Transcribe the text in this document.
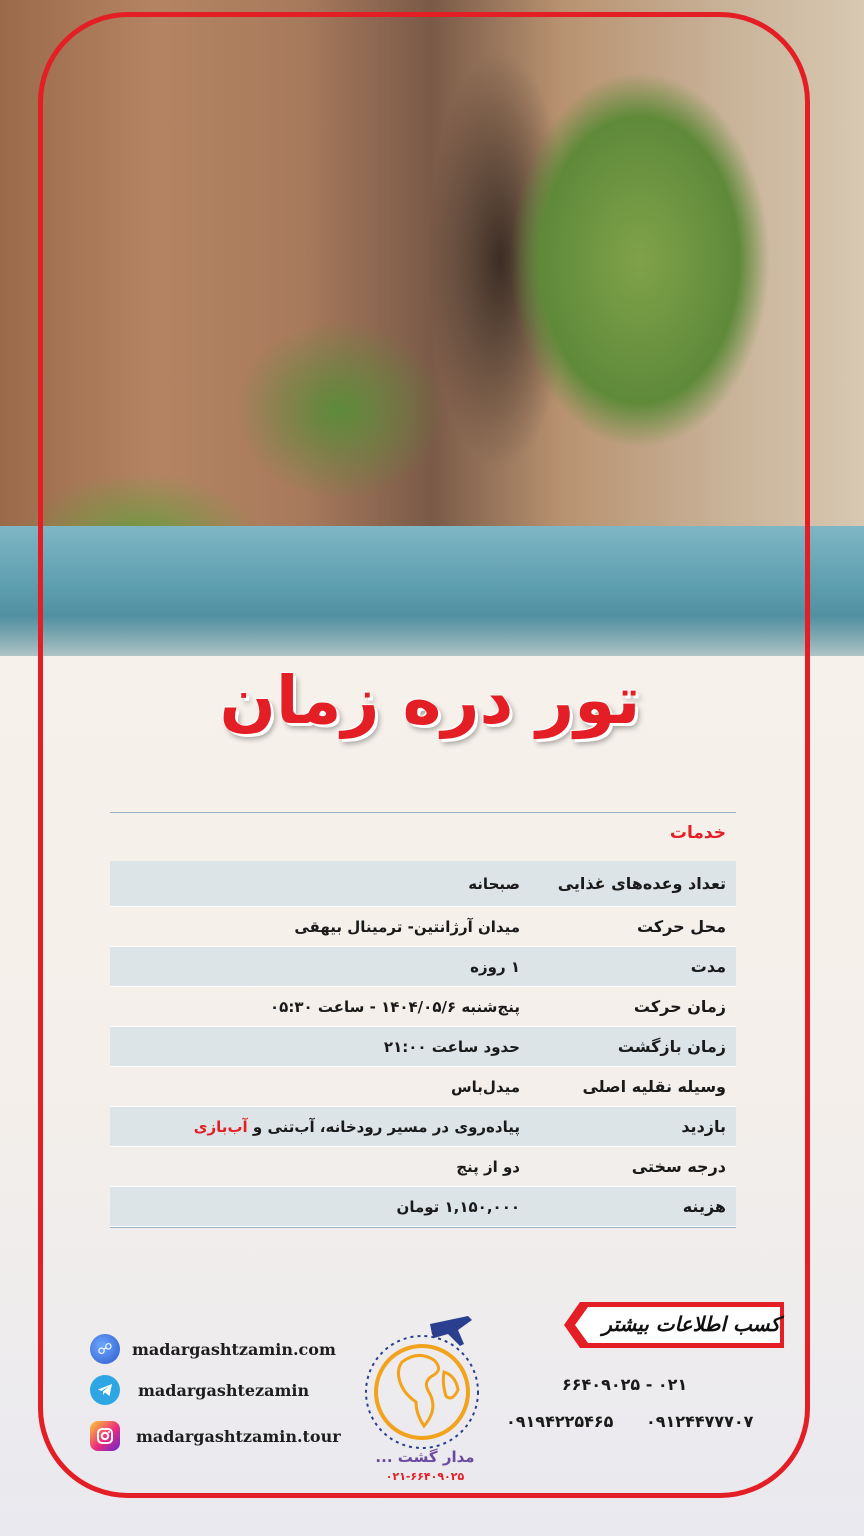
تور دره زمان
خدمات
تعداد وعده‌های غذایی
صبحانه
محل حرکت
میدان آرژانتین- ترمینال بیهقی
مدت
۱ روزه
زمان حرکت
پنج‌شنبه ۱۴۰۴/۰۵/۶ - ساعت ۰۵:۳۰
زمان بازگشت
حدود ساعت ۲۱:۰۰
وسیله نقلیه اصلی
میدل‌باس
بازدید
پیاده‌روی در مسیر رودخانه، آب‌تنی و آب‌بازی
درجه سختی
دو از پنج
هزینه
۱,۱۵۰,۰۰۰ تومان
☍	madargashtzamin.com
madargashtezamin
madargashtzamin.tour
مدار گشت ...
۰۲۱-۶۶۴۰۹۰۲۵
کسب اطلاعات بیشتر
۰۲۱ - ۶۶۴۰۹۰۲۵
۰۹۱۹۴۲۲۵۴۶۵ ۰۹۱۲۴۴۷۷۷۰۷
